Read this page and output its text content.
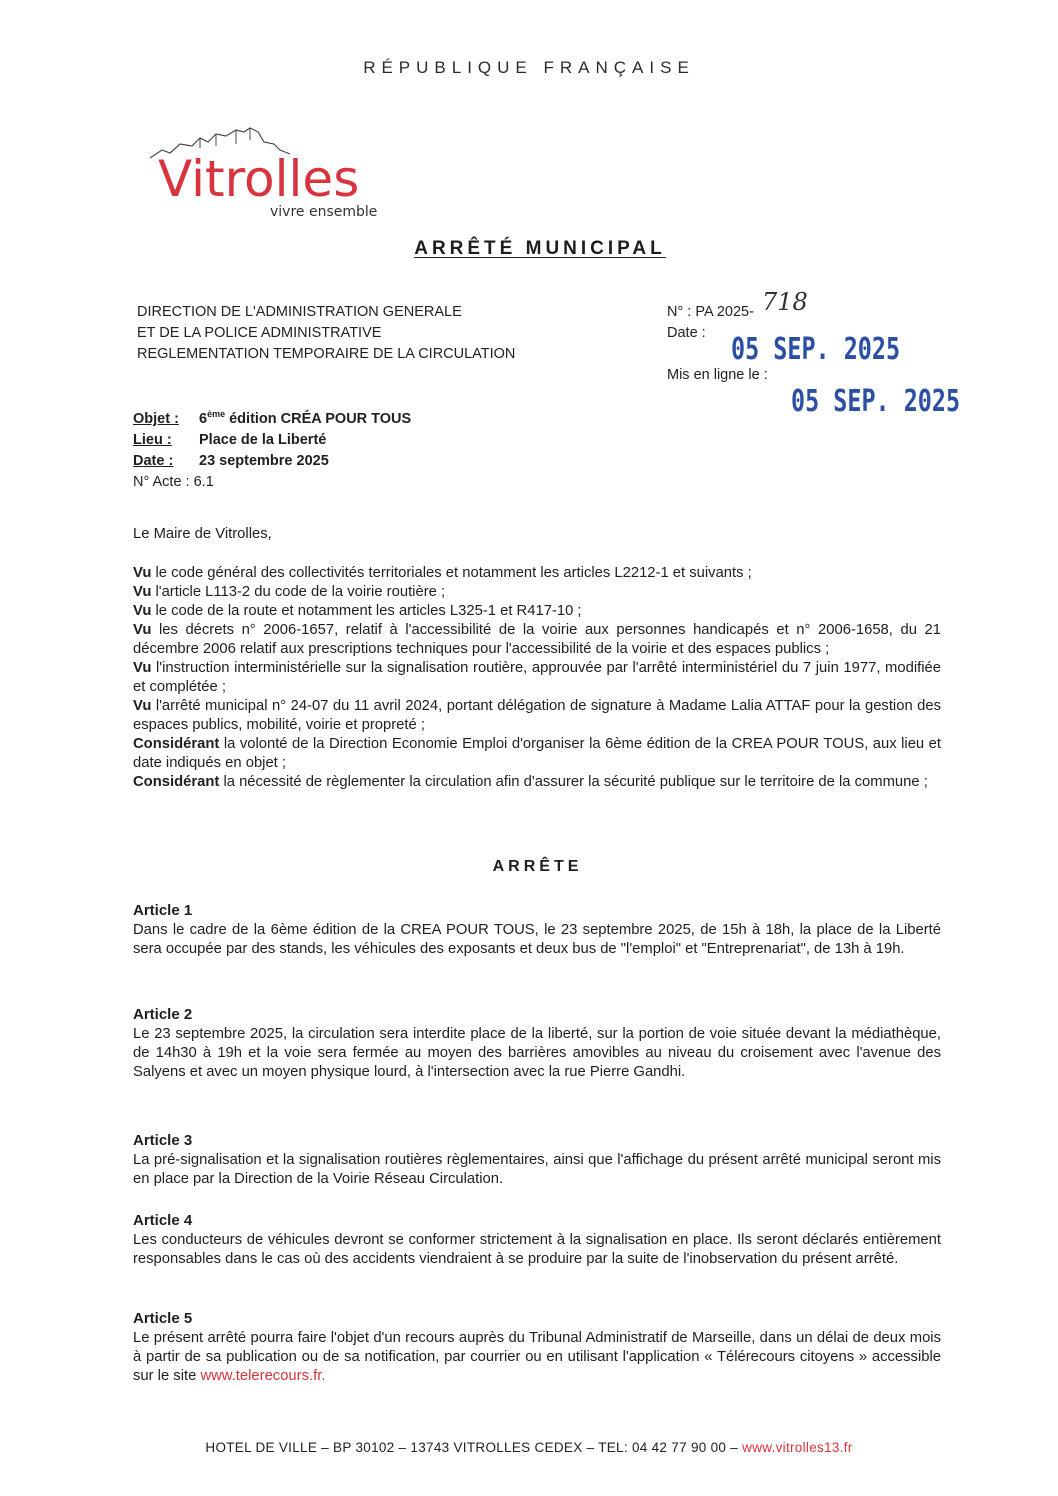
RÉPUBLIQUE FRANÇAISE
Vitrolles
vivre ensemble
ARRÊTÉ MUNICIPAL
DIRECTION DE L'ADMINISTRATION GENERALE
ET DE LA POLICE ADMINISTRATIVE
REGLEMENTATION TEMPORAIRE DE LA CIRCULATION
N° : PA 2025- 718
Date :
Mis en ligne le :
05 SEP. 2025
05 SEP. 2025
Objet : 6ème édition CRÉA POUR TOUS
Lieu : Place de la Liberté
Date : 23 septembre 2025
N° Acte : 6.1
Le Maire de Vitrolles,

Vu le code général des collectivités territoriales et notamment les articles L2212-1 et suivants ;

Vu l'article L113-2 du code de la voirie routière ;

Vu le code de la route et notamment les articles L325-1 et R417-10 ;

Vu les décrets n° 2006-1657, relatif à l'accessibilité de la voirie aux personnes handicapés et n° 2006-1658, du 21 décembre 2006 relatif aux prescriptions techniques pour l'accessibilité de la voirie et des espaces publics ;

Vu l'instruction interministérielle sur la signalisation routière, approuvée par l'arrêté interministériel du 7 juin 1977, modifiée et complétée ;

Vu l'arrêté municipal n° 24-07 du 11 avril 2024, portant délégation de signature à Madame Lalia ATTAF pour la gestion des espaces publics, mobilité, voirie et propreté ;

Considérant la volonté de la Direction Economie Emploi d'organiser la 6ème édition de la CREA POUR TOUS, aux lieu et date indiqués en objet ;

Considérant la nécessité de règlementer la circulation afin d'assurer la sécurité publique sur le territoire de la commune ;

ARRÊTE
Article 1

Dans le cadre de la 6ème édition de la CREA POUR TOUS, le 23 septembre 2025, de 15h à 18h, la place de la Liberté sera occupée par des stands, les véhicules des exposants et deux bus de "l'emploi" et "Entreprenariat", de 13h à 19h.

Article 2

Le 23 septembre 2025, la circulation sera interdite place de la liberté, sur la portion de voie située devant la médiathèque, de 14h30 à 19h et la voie sera fermée au moyen des barrières amovibles au niveau du croisement avec l'avenue des Salyens et avec un moyen physique lourd, à l'intersection avec la rue Pierre Gandhi.

Article 3

La pré-signalisation et la signalisation routières règlementaires, ainsi que l'affichage du présent arrêté municipal seront mis en place par la Direction de la Voirie Réseau Circulation.

Article 4

Les conducteurs de véhicules devront se conformer strictement à la signalisation en place. Ils seront déclarés entièrement responsables dans le cas où des accidents viendraient à se produire par la suite de l'inobservation du présent arrêté.

Article 5

Le présent arrêté pourra faire l'objet d'un recours auprès du Tribunal Administratif de Marseille, dans un délai de deux mois à partir de sa publication ou de sa notification, par courrier ou en utilisant l'application « Télérecours citoyens » accessible sur le site www.telerecours.fr.

HOTEL DE VILLE – BP 30102 – 13743 VITROLLES CEDEX – TEL: 04 42 77 90 00 – www.vitrolles13.fr
